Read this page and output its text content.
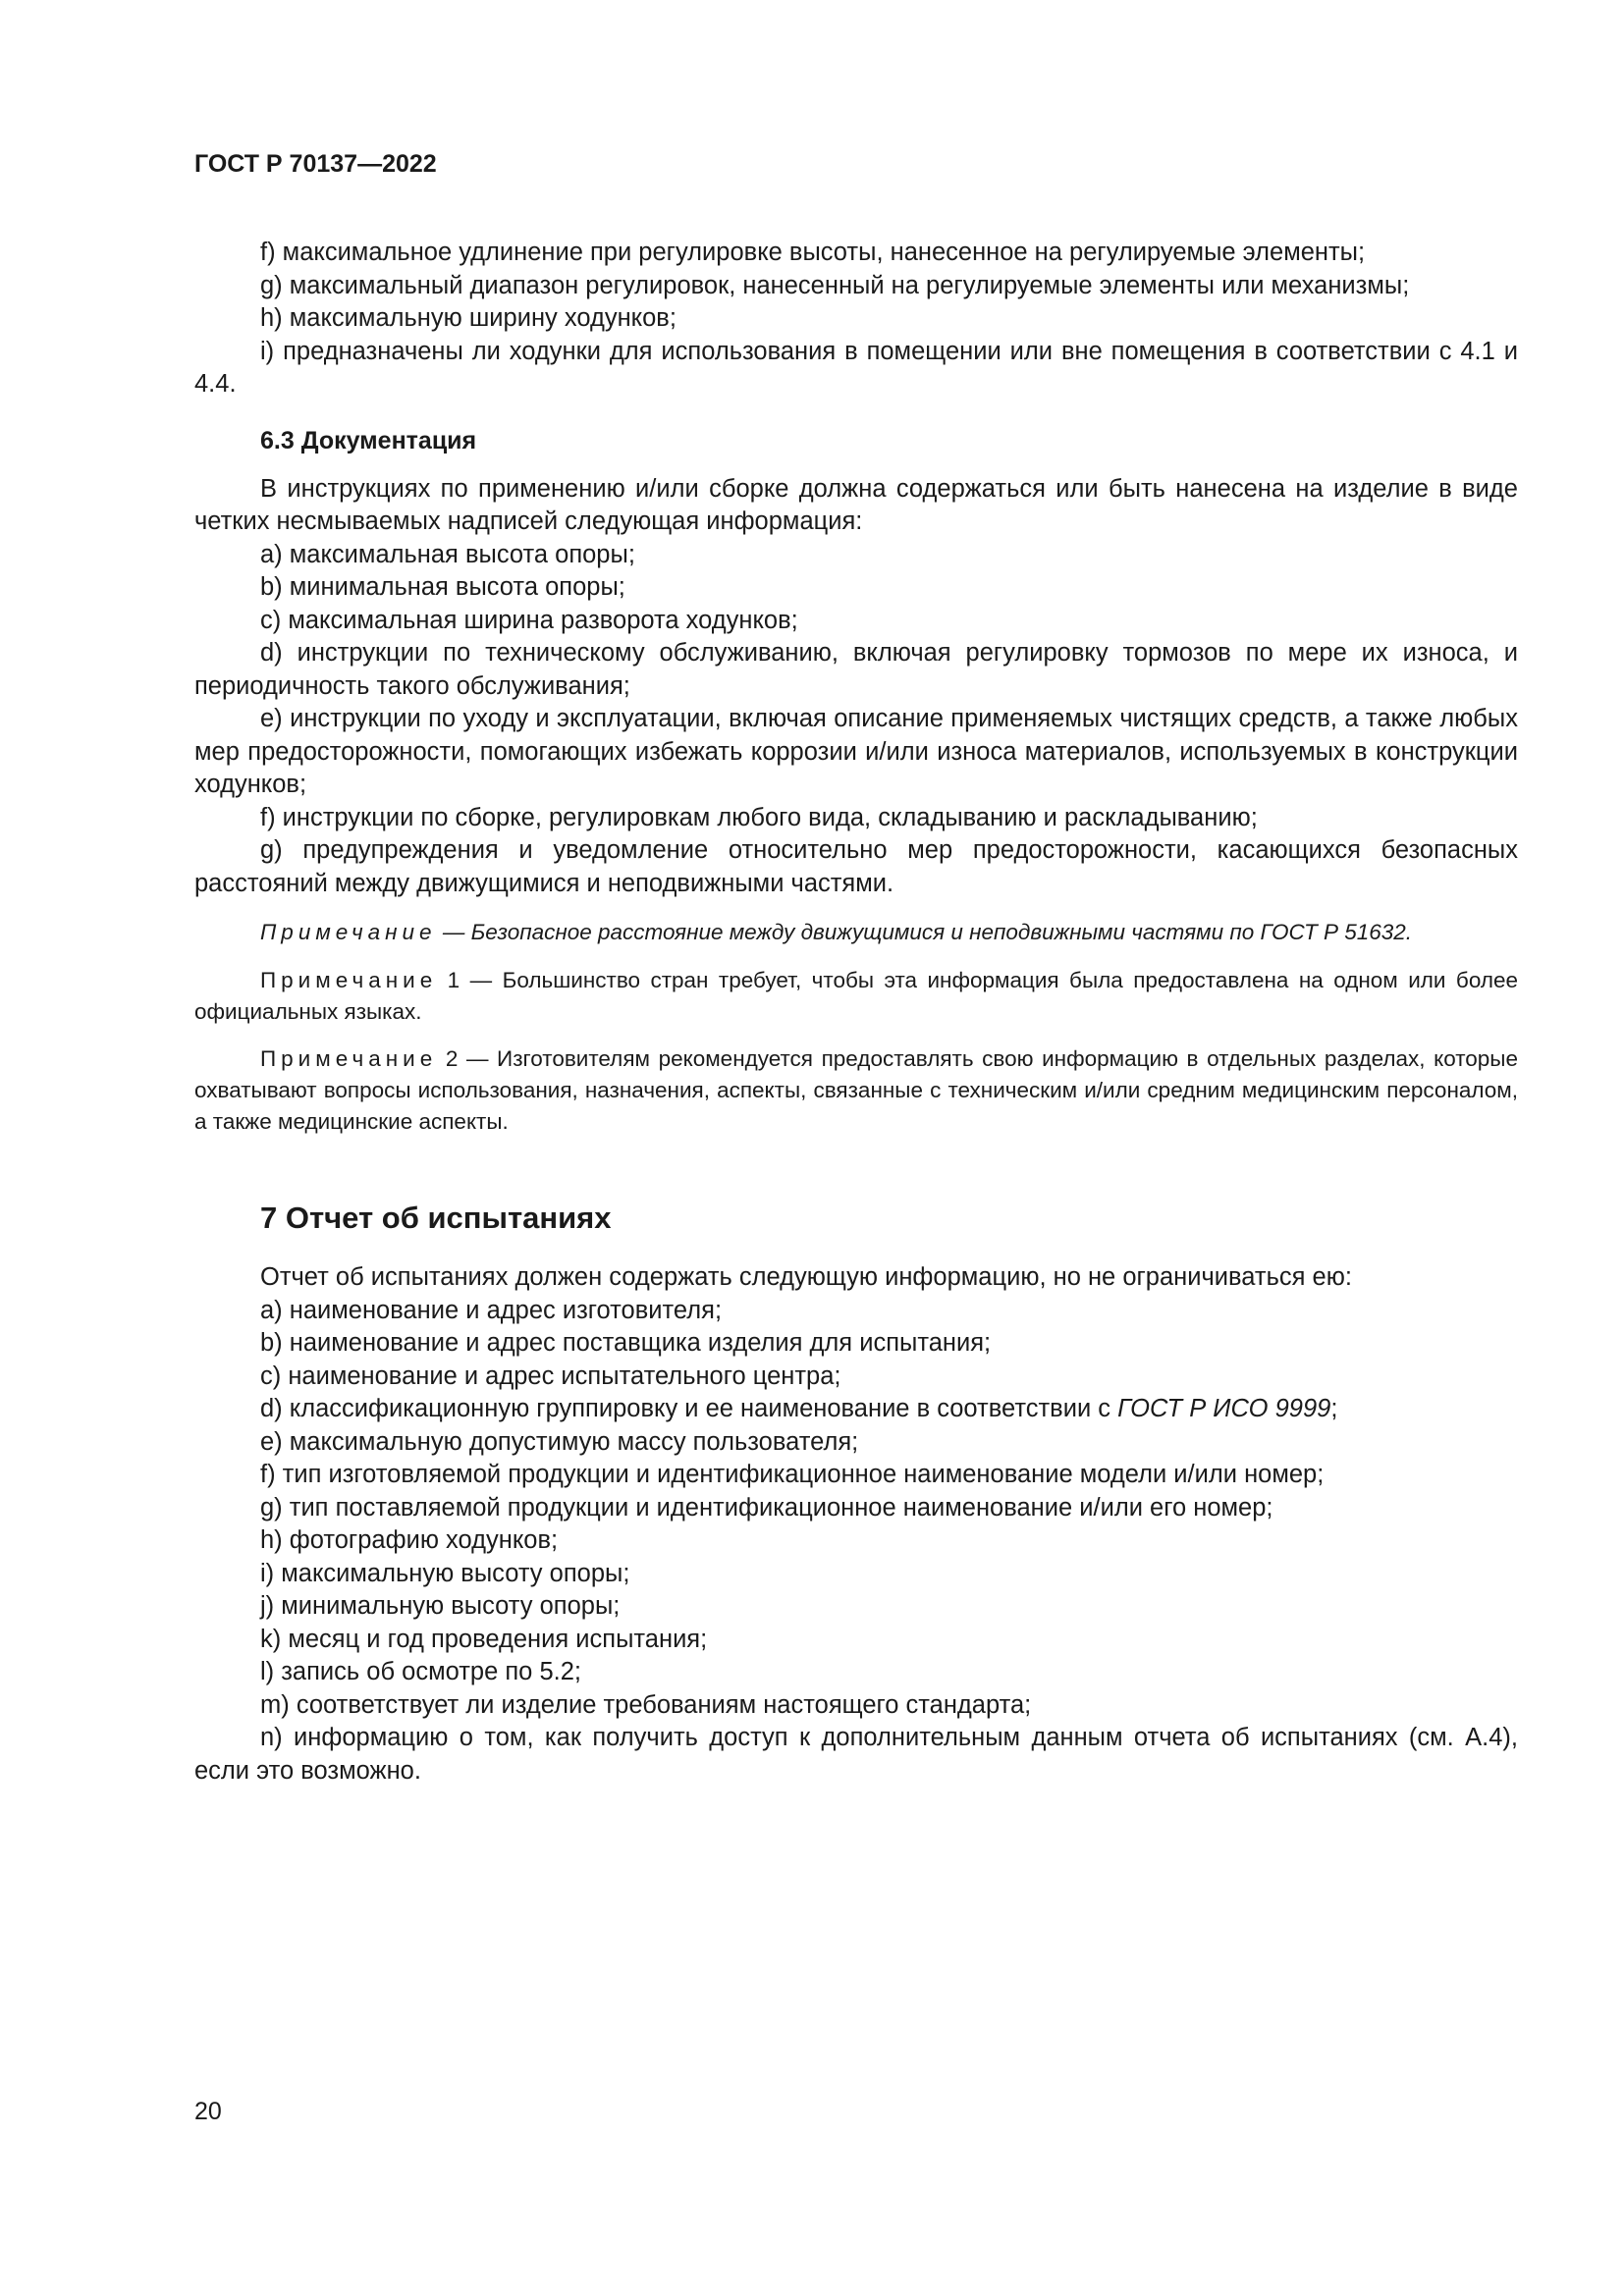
ГОСТ Р 70137—2022

f) максимальное удлинение при регулировке высоты, нанесенное на регулируемые элементы;

g) максимальный диапазон регулировок, нанесенный на регулируемые элементы или механизмы;

h) максимальную ширину ходунков;

i) предназначены ли ходунки для использования в помещении или вне помещения в соответствии с 4.1 и 4.4.

6.3 Документация

В инструкциях по применению и/или сборке должна содержаться или быть нанесена на изделие в виде четких несмываемых надписей следующая информация:

а) максимальная высота опоры;

b) минимальная высота опоры;

с) максимальная ширина разворота ходунков;

d) инструкции по техническому обслуживанию, включая регулировку тормозов по мере их износа, и периодичность такого обслуживания;

е) инструкции по уходу и эксплуатации, включая описание применяемых чистящих средств, а также любых мер предосторожности, помогающих избежать коррозии и/или износа материалов, используемых в конструкции ходунков;

f) инструкции по сборке, регулировкам любого вида, складыванию и раскладыванию;

g) предупреждения и уведомление относительно мер предосторожности, касающихся безопасных расстояний между движущимися и неподвижными частями.

Примечание — Безопасное расстояние между движущимися и неподвижными частями по ГОСТ Р 51632.
Примечание 1 — Большинство стран требует, чтобы эта информация была предоставлена на одном или более официальных языках.
Примечание 2 — Изготовителям рекомендуется предоставлять свою информацию в отдельных разделах, которые охватывают вопросы использования, назначения, аспекты, связанные с техническим и/или средним медицинским персоналом, а также медицинские аспекты.
7 Отчет об испытаниях

Отчет об испытаниях должен содержать следующую информацию, но не ограничиваться ею:

а) наименование и адрес изготовителя;

b) наименование и адрес поставщика изделия для испытания;

с) наименование и адрес испытательного центра;

d) классификационную группировку и ее наименование в соответствии с ГОСТ Р ИСО 9999;

е) максимальную допустимую массу пользователя;

f) тип изготовляемой продукции и идентификационное наименование модели и/или номер;

g) тип поставляемой продукции и идентификационное наименование и/или его номер;

h) фотографию ходунков;

i) максимальную высоту опоры;

j) минимальную высоту опоры;

k) месяц и год проведения испытания;

l) запись об осмотре по 5.2;

m) соответствует ли изделие требованиям настоящего стандарта;

n) информацию о том, как получить доступ к дополнительным данным отчета об испытаниях (см. А.4), если это возможно.

20
